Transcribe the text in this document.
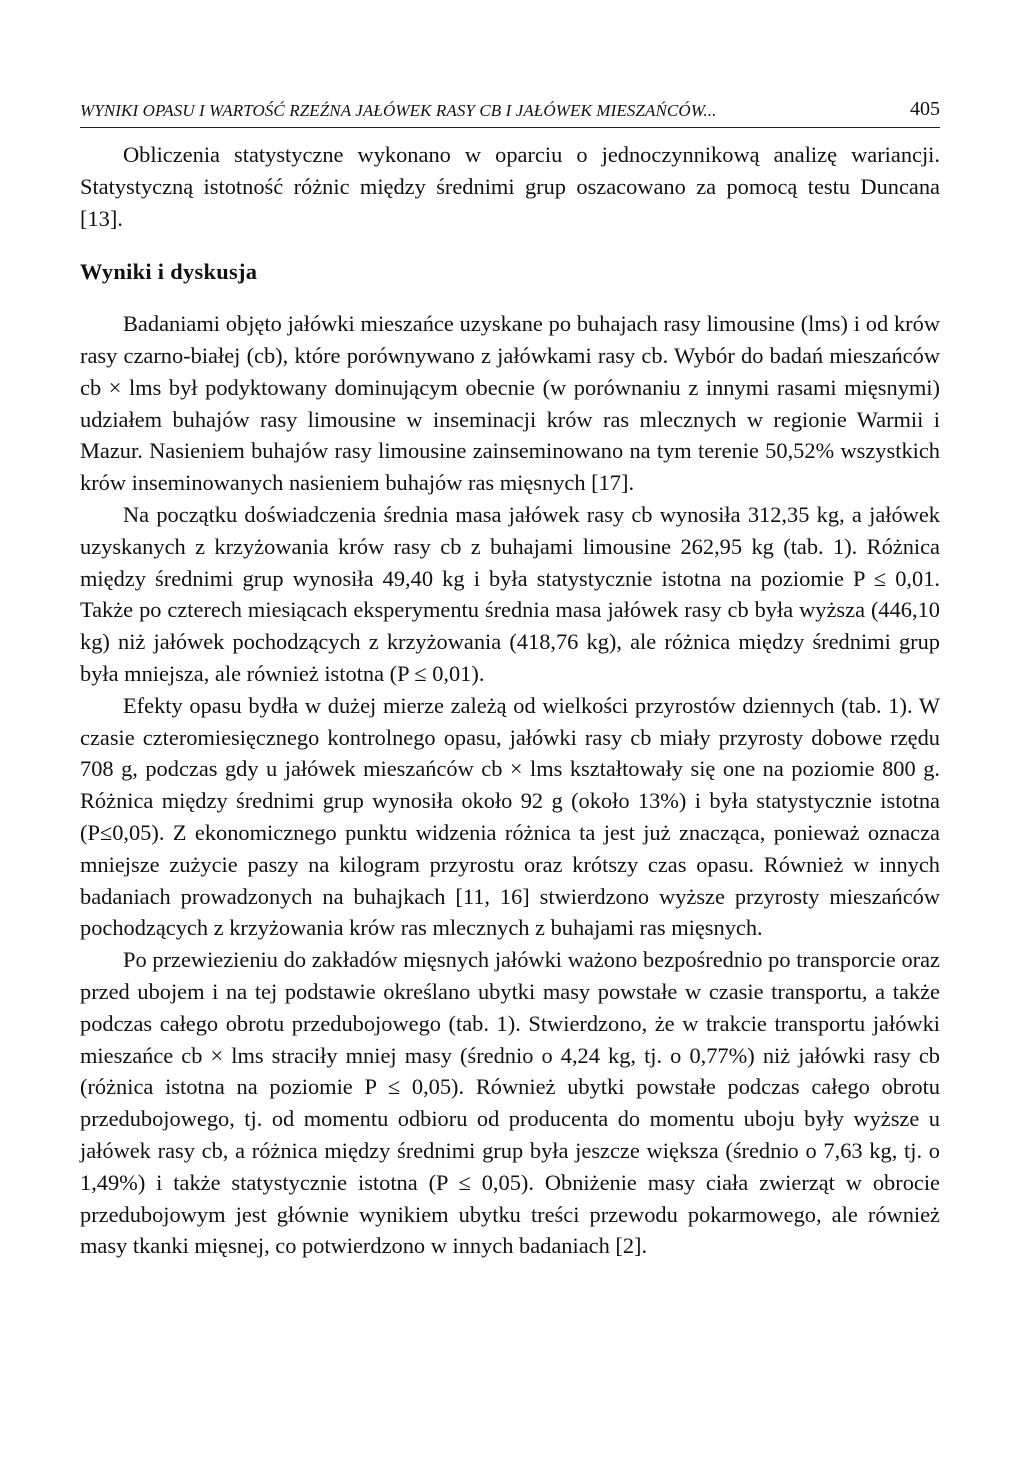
WYNIKI OPASU I WARTOŚĆ RZEŹNA JAŁÓWEK RASY CB I JAŁÓWEK MIESZAŃCÓW...	405

Obliczenia statystyczne wykonano w oparciu o jednoczynnikową analizę wariancji. Statystyczną istotność różnic między średnimi grup oszacowano za pomocą testu Duncana [13].

Wyniki i dyskusja

Badaniami objęto jałówki mieszańce uzyskane po buhajach rasy limousine (lms) i od krów rasy czarno-białej (cb), które porównywano z jałówkami rasy cb. Wybór do badań mieszańców cb × lms był podyktowany dominującym obecnie (w porównaniu z innymi rasami mięsnymi) udziałem buhajów rasy limousine w inseminacji krów ras mlecznych w regionie Warmii i Mazur. Nasieniem buhajów rasy limousine zainseminowano na tym terenie 50,52% wszystkich krów inseminowanych nasieniem buhajów ras mięsnych [17].

Na początku doświadczenia średnia masa jałówek rasy cb wynosiła 312,35 kg, a jałówek uzyskanych z krzyżowania krów rasy cb z buhajami limousine 262,95 kg (tab. 1). Różnica między średnimi grup wynosiła 49,40 kg i była statystycznie istotna na poziomie P ≤ 0,01. Także po czterech miesiącach eksperymentu średnia masa jałówek rasy cb była wyższa (446,10 kg) niż jałówek pochodzących z krzyżowania (418,76 kg), ale różnica między średnimi grup była mniejsza, ale również istotna (P ≤ 0,01).

Efekty opasu bydła w dużej mierze zależą od wielkości przyrostów dziennych (tab. 1). W czasie czteromiesięcznego kontrolnego opasu, jałówki rasy cb miały przyrosty dobowe rzędu 708 g, podczas gdy u jałówek mieszańców cb × lms kształtowały się one na poziomie 800 g. Różnica między średnimi grup wynosiła około 92 g (około 13%) i była statystycznie istotna (P≤0,05). Z ekonomicznego punktu widzenia różnica ta jest już znacząca, ponieważ oznacza mniejsze zużycie paszy na kilogram przyrostu oraz krótszy czas opasu. Również w innych badaniach prowadzonych na buhajkach [11, 16] stwierdzono wyższe przyrosty mieszańców pochodzących z krzyżowania krów ras mlecznych z buhajami ras mięsnych.

Po przewiezieniu do zakładów mięsnych jałówki ważono bezpośrednio po transporcie oraz przed ubojem i na tej podstawie określano ubytki masy powstałe w czasie transportu, a także podczas całego obrotu przedubojowego (tab. 1). Stwierdzono, że w trakcie transportu jałówki mieszańce cb × lms straciły mniej masy (średnio o 4,24 kg, tj. o 0,77%) niż jałówki rasy cb (różnica istotna na poziomie P ≤ 0,05). Również ubytki powstałe podczas całego obrotu przedubojowego, tj. od momentu odbioru od producenta do momentu uboju były wyższe u jałówek rasy cb, a różnica między średnimi grup była jeszcze większa (średnio o 7,63 kg, tj. o 1,49%) i także statystycznie istotna (P ≤ 0,05). Obniżenie masy ciała zwierząt w obrocie przedubojowym jest głównie wynikiem ubytku treści przewodu pokarmowego, ale również masy tkanki mięsnej, co potwierdzono w innych badaniach [2].
